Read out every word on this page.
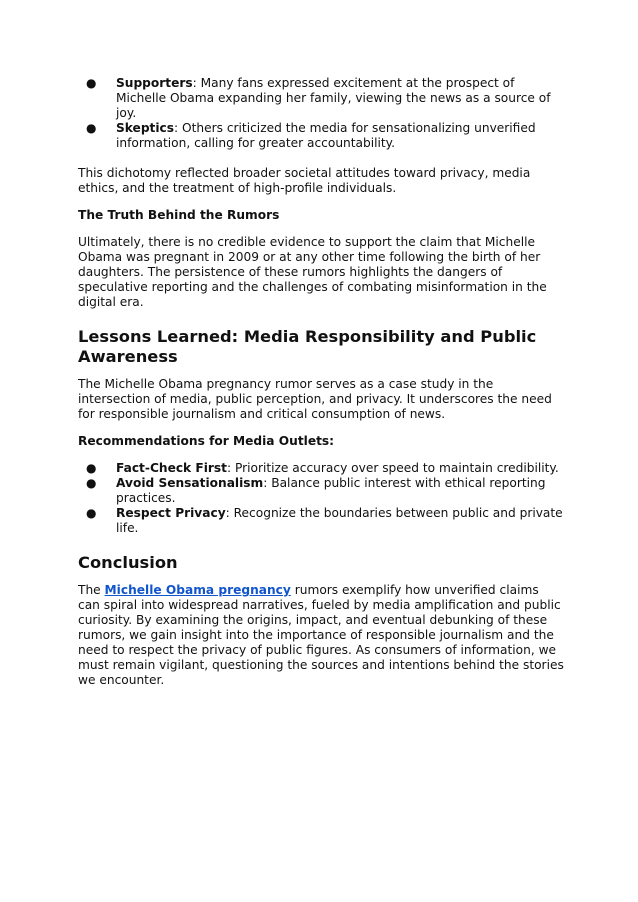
● Supporters: Many fans expressed excitement at the prospect of Michelle Obama expanding her family, viewing the news as a source of joy.
● Skeptics: Others criticized the media for sensationalizing unverified information, calling for greater accountability.

This dichotomy reflected broader societal attitudes toward privacy, media ethics, and the treatment of high-profile individuals.

The Truth Behind the Rumors

Ultimately, there is no credible evidence to support the claim that Michelle Obama was pregnant in 2009 or at any other time following the birth of her daughters. The persistence of these rumors highlights the dangers of speculative reporting and the challenges of combating misinformation in the digital era.

Lessons Learned: Media Responsibility and Public Awareness

The Michelle Obama pregnancy rumor serves as a case study in the intersection of media, public perception, and privacy. It underscores the need for responsible journalism and critical consumption of news.

Recommendations for Media Outlets:

● Fact-Check First: Prioritize accuracy over speed to maintain credibility.
● Avoid Sensationalism: Balance public interest with ethical reporting practices.
● Respect Privacy: Recognize the boundaries between public and private life.
Conclusion

The Michelle Obama pregnancy rumors exemplify how unverified claims can spiral into widespread narratives, fueled by media amplification and public curiosity. By examining the origins, impact, and eventual debunking of these rumors, we gain insight into the importance of responsible journalism and the need to respect the privacy of public figures. As consumers of information, we must remain vigilant, questioning the sources and intentions behind the stories we encounter.
